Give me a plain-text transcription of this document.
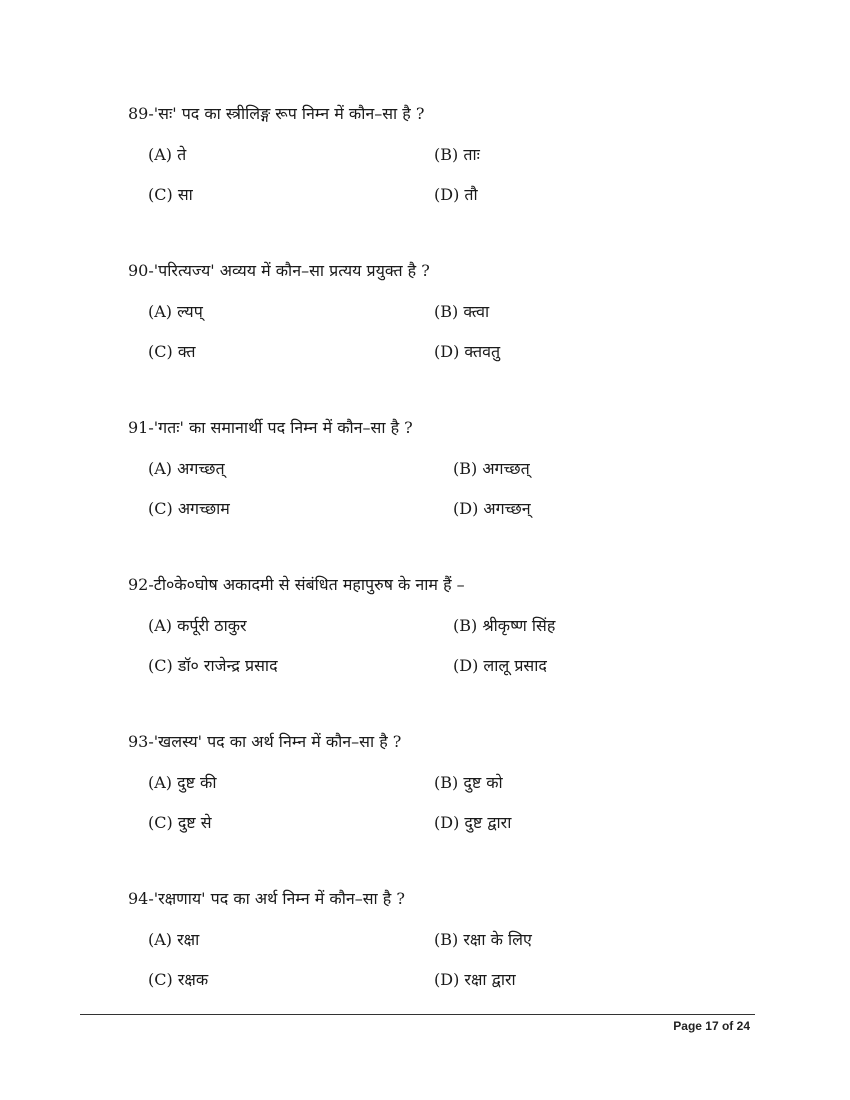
89-'सः' पद का स्त्रीलिङ्ग रूप निम्न में कौन–सा है ?
(A) ते	(B) ताः
(C) सा	(D) तौ
90-'परित्यज्य' अव्यय में कौन–सा प्रत्यय प्रयुक्त है ?
(A) ल्यप्	(B) क्त्वा
(C) क्त	(D) क्तवतु
91-'गतः' का समानार्थी पद निम्न में कौन–सा है ?
(A) अगच्छत्	(B) अगच्छत्
(C) अगच्छाम	(D) अगच्छन्
92-टी०के०घोष अकादमी से संबंधित महापुरुष के नाम हैं –
(A) कर्पूरी ठाकुर	(B) श्रीकृष्ण सिंह
(C) डॉ० राजेन्द्र प्रसाद	(D) लालू प्रसाद
93-'खलस्य' पद का अर्थ निम्न में कौन–सा है ?
(A) दुष्ट की	(B) दुष्ट को
(C) दुष्ट से	(D) दुष्ट द्वारा
94-'रक्षणाय' पद का अर्थ निम्न में कौन–सा है ?
(A) रक्षा	(B) रक्षा के लिए
(C) रक्षक	(D) रक्षा द्वारा
Page 17 of 24
